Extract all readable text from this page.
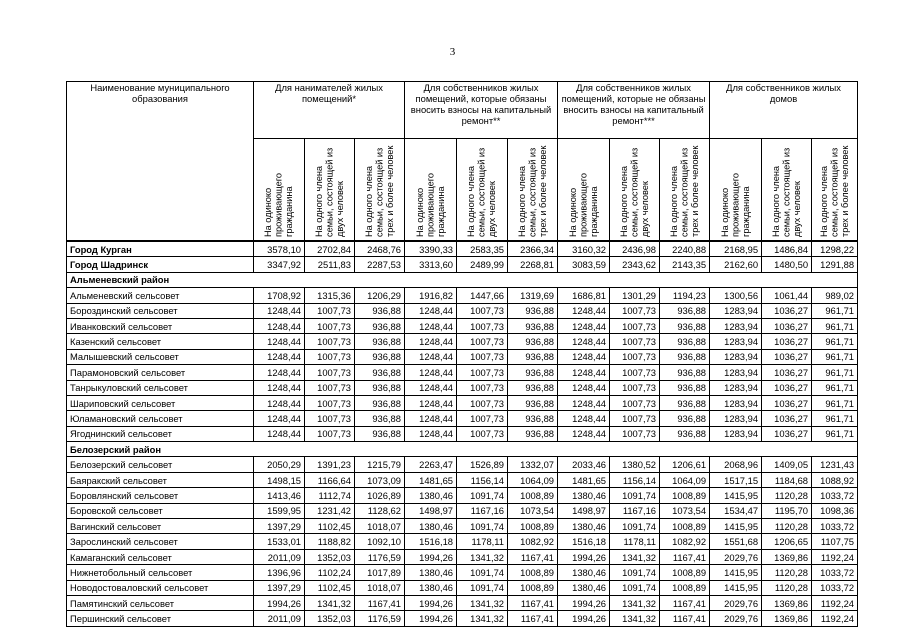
3
Наименование муниципального образования	Для нанимателей жилых помещений*			Для собственников жилых помещений, которые обязаны вносить взносы на капитальный ремонт**			Для собственников жилых помещений, которые не обязаны вносить взносы на капитальный ремонт***			Для собственников жилых домов		

	На одиноко проживающего гражданина	На одного члена семьи, состоящей из двух человек	На одного члена семьи, состоящей из трех и более человек	На одиноко проживающего гражданина	На одного члена семьи, состоящей из двух человек	На одного члена семьи, состоящей из трех и более человек	На одиноко проживающего гражданина	На одного члена семьи, состоящей из двух человек	На одного члена семьи, состоящей из трех и более человек	На одиноко проживающего гражданина	На одного члена семьи, состоящей из двух человек	На одного члена семьи, состоящей из трех и более человек

Город Курган	3578,10	2702,84	2468,76	3390,33	2583,35	2366,34	3160,32	2436,98	2240,88	2168,95	1486,84	1298,22
Город Шадринск	3347,92	2511,83	2287,53	3313,60	2489,99	2268,81	3083,59	2343,62	2143,35	2162,60	1480,50	1291,88
Альменевский район												
Альменевский сельсовет	1708,92	1315,36	1206,29	1916,82	1447,66	1319,69	1686,81	1301,29	1194,23	1300,56	1061,44	989,02
Бороздинский сельсовет	1248,44	1007,73	936,88	1248,44	1007,73	936,88	1248,44	1007,73	936,88	1283,94	1036,27	961,71
Иванковский сельсовет	1248,44	1007,73	936,88	1248,44	1007,73	936,88	1248,44	1007,73	936,88	1283,94	1036,27	961,71
Казенский сельсовет	1248,44	1007,73	936,88	1248,44	1007,73	936,88	1248,44	1007,73	936,88	1283,94	1036,27	961,71
Малышевский сельсовет	1248,44	1007,73	936,88	1248,44	1007,73	936,88	1248,44	1007,73	936,88	1283,94	1036,27	961,71
Парамоновский сельсовет	1248,44	1007,73	936,88	1248,44	1007,73	936,88	1248,44	1007,73	936,88	1283,94	1036,27	961,71
Танрыкуловский сельсовет	1248,44	1007,73	936,88	1248,44	1007,73	936,88	1248,44	1007,73	936,88	1283,94	1036,27	961,71
Шариповский сельсовет	1248,44	1007,73	936,88	1248,44	1007,73	936,88	1248,44	1007,73	936,88	1283,94	1036,27	961,71
Юламановский сельсовет	1248,44	1007,73	936,88	1248,44	1007,73	936,88	1248,44	1007,73	936,88	1283,94	1036,27	961,71
Ягоднинский сельсовет	1248,44	1007,73	936,88	1248,44	1007,73	936,88	1248,44	1007,73	936,88	1283,94	1036,27	961,71
Белозерский район												
Белозерский сельсовет	2050,29	1391,23	1215,79	2263,47	1526,89	1332,07	2033,46	1380,52	1206,61	2068,96	1409,05	1231,43
Баяракский сельсовет	1498,15	1166,64	1073,09	1481,65	1156,14	1064,09	1481,65	1156,14	1064,09	1517,15	1184,68	1088,92
Боровлянский сельсовет	1413,46	1112,74	1026,89	1380,46	1091,74	1008,89	1380,46	1091,74	1008,89	1415,95	1120,28	1033,72
Боровской сельсовет	1599,95	1231,42	1128,62	1498,97	1167,16	1073,54	1498,97	1167,16	1073,54	1534,47	1195,70	1098,36
Вагинский сельсовет	1397,29	1102,45	1018,07	1380,46	1091,74	1008,89	1380,46	1091,74	1008,89	1415,95	1120,28	1033,72
Зарослинский сельсовет	1533,01	1188,82	1092,10	1516,18	1178,11	1082,92	1516,18	1178,11	1082,92	1551,68	1206,65	1107,75
Камаганский сельсовет	2011,09	1352,03	1176,59	1994,26	1341,32	1167,41	1994,26	1341,32	1167,41	2029,76	1369,86	1192,24
Нижнетобольный сельсовет	1396,96	1102,24	1017,89	1380,46	1091,74	1008,89	1380,46	1091,74	1008,89	1415,95	1120,28	1033,72
Новодостоваловский сельсовет	1397,29	1102,45	1018,07	1380,46	1091,74	1008,89	1380,46	1091,74	1008,89	1415,95	1120,28	1033,72
Памятинский сельсовет	1994,26	1341,32	1167,41	1994,26	1341,32	1167,41	1994,26	1341,32	1167,41	2029,76	1369,86	1192,24
Першинский сельсовет	2011,09	1352,03	1176,59	1994,26	1341,32	1167,41	1994,26	1341,32	1167,41	2029,76	1369,86	1192,24
